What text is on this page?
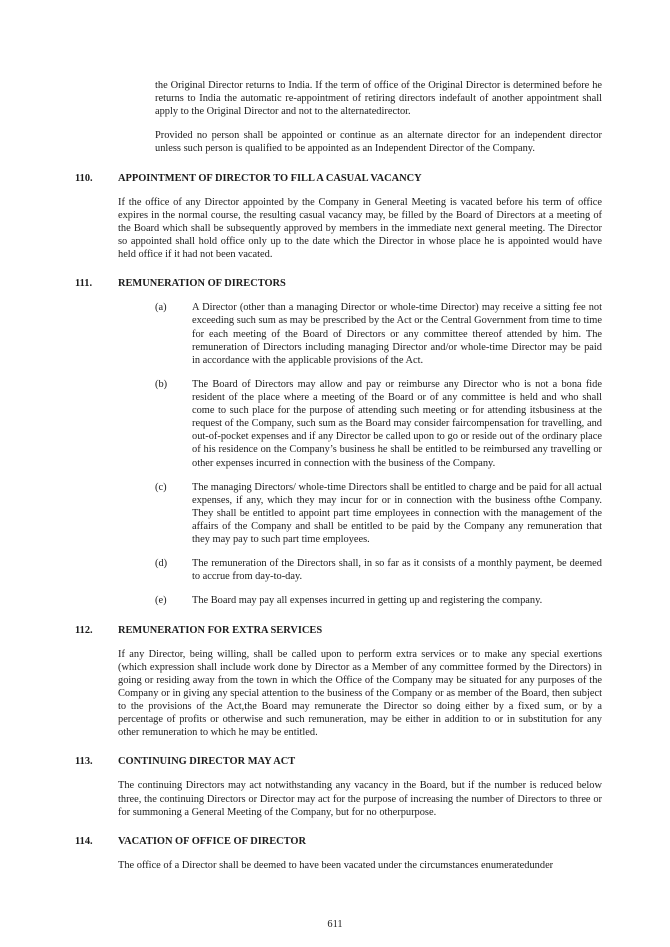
the Original Director returns to India. If the term of office of the Original Director is determined before he returns to India the automatic re-appointment of retiring directors indefault of another appointment shall apply to the Original Director and not to the alternatedirector.

Provided no person shall be appointed or continue as an alternate director for an independent director unless such person is qualified to be appointed as an Independent Director of the Company.

110.	APPOINTMENT OF DIRECTOR TO FILL A CASUAL VACANCY

If the office of any Director appointed by the Company in General Meeting is vacated before his term of office expires in the normal course, the resulting casual vacancy may, be filled by the Board of Directors at a meeting of the Board which shall be subsequently approved by members in the immediate next general meeting. The Director so appointed shall hold office only up to the date which the Director in whose place he is appointed would have held office if it had not been vacated.

111.	REMUNERATION OF DIRECTORS
(a)	A Director (other than a managing Director or whole-time Director) may receive a sitting fee not exceeding such sum as may be prescribed by the Act or the Central Government from time to time for each meeting of the Board of Directors or any committee thereof attended by him. The remuneration of Directors including managing Director and/or whole-time Director may be paid in accordance with the applicable provisions of the Act.
(b)	The Board of Directors may allow and pay or reimburse any Director who is not a bona fide resident of the place where a meeting of the Board or of any committee is held and who shall come to such place for the purpose of attending such meeting or for attending itsbusiness at the request of the Company, such sum as the Board may consider faircompensation for travelling, and out-of-pocket expenses and if any Director be called upon to go or reside out of the ordinary place of his residence on the Company’s business he shall be entitled to be reimbursed any travelling or other expenses incurred in connection with the business of the Company.
(c)	The managing Directors/ whole-time Directors shall be entitled to charge and be paid for all actual expenses, if any, which they may incur for or in connection with the business ofthe Company. They shall be entitled to appoint part time employees in connection with the management of the affairs of the Company and shall be entitled to be paid by the Company any remuneration that they may pay to such part time employees.
(d)	The remuneration of the Directors shall, in so far as it consists of a monthly payment, be deemed to accrue from day-to-day.
(e)	The Board may pay all expenses incurred in getting up and registering the company.
112.	REMUNERATION FOR EXTRA SERVICES

If any Director, being willing, shall be called upon to perform extra services or to make any special exertions (which expression shall include work done by Director as a Member of any committee formed by the Directors) in going or residing away from the town in which the Office of the Company may be situated for any purposes of the Company or in giving any special attention to the business of the Company or as member of the Board, then subject to the provisions of the Act,the Board may remunerate the Director so doing either by a fixed sum, or by a percentage of profits or otherwise and such remuneration, may be either in addition to or in substitution for any other remuneration to which he may be entitled.

113.	CONTINUING DIRECTOR MAY ACT

The continuing Directors may act notwithstanding any vacancy in the Board, but if the number is reduced below three, the continuing Directors or Director may act for the purpose of increasing the number of Directors to three or for summoning a General Meeting of the Company, but for no otherpurpose.

114.	VACATION OF OFFICE OF DIRECTOR

The office of a Director shall be deemed to have been vacated under the circumstances enumeratedunder

611
